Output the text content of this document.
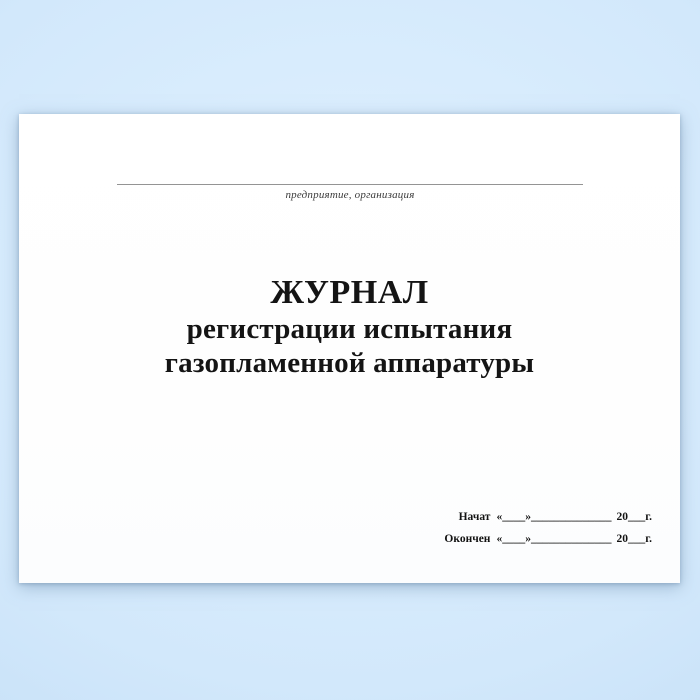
предприятие, организация
ЖУРНАЛ
регистрации испытания
газопламенной аппаратуры
Начат «____»______________ 20___г.
Окончен «____»______________ 20___г.
